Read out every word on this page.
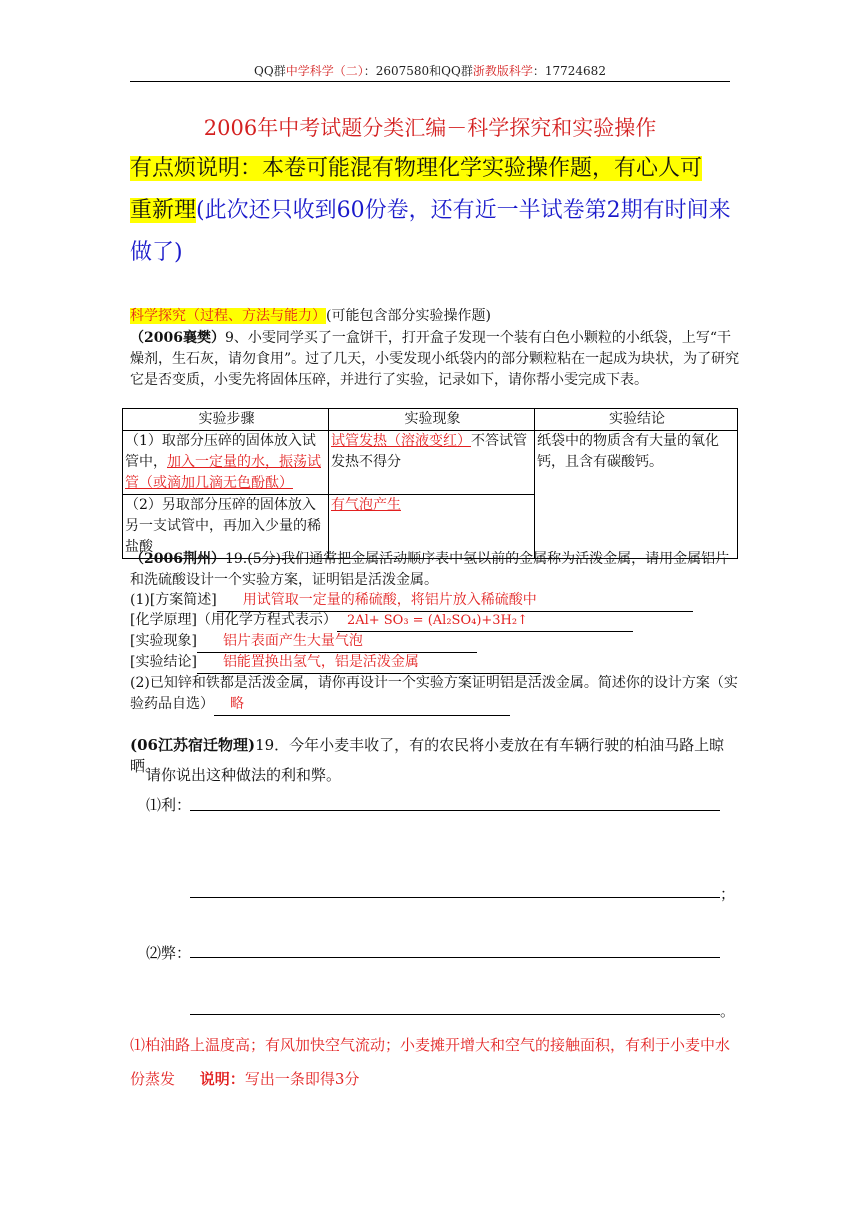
QQ群中学科学（二）：2607580和QQ群浙教版科学：17724682
2006年中考试题分类汇编－科学探究和实验操作
有点烦说明：本卷可能混有物理化学实验操作题，有心人可
重新理(此次还只收到60份卷，还有近一半试卷第2期有时间来做了)
科学探究（过程、方法与能力）(可能包含部分实验操作题)
（2006襄樊）9、小雯同学买了一盒饼干，打开盒子发现一个装有白色小颗粒的小纸袋，上写“干燥剂，生石灰，请勿食用”。过了几天，小雯发现小纸袋内的部分颗粒粘在一起成为块状，为了研究它是否变质，小雯先将固体压碎，并进行了实验，记录如下，请你帮小雯完成下表。
实验步骤	实验现象	实验结论
（1）取部分压碎的固体放入试管中，加入一定量的水，振荡试管（或滴加几滴无色酚酞）	试管发热（溶液变红）不答试管发热不得分	纸袋中的物质含有大量的氧化钙，且含有碳酸钙。
（2）另取部分压碎的固体放入另一支试管中，再加入少量的稀盐酸	有气泡产生	
（2006荆州）19.(5分)我们通常把金属活动顺序表中氢以前的金属称为活泼金属，请用金属铝片和洗硫酸设计一个实验方案，证明铝是活泼金属。
(1)[方案简述] 用试管取一定量的稀硫酸，将铝片放入稀硫酸中
[化学原理]（用化学方程式表示） 2Al+ SO₃ = (Al₂SO₄)+3H₂↑
[实验现象] 铝片表面产生大量气泡
[实验结论] 铝能置换出氢气，铝是活泼金属
(2)已知锌和铁都是活泼金属，请你再设计一个实验方案证明铝是活泼金属。简述你的设计方案（实验药品自选） 略
(06江苏宿迁物理)19．今年小麦丰收了，有的农民将小麦放在有车辆行驶的柏油马路上晾晒。
请你说出这种做法的利和弊。
⑴利：
；
⑵弊：
。
⑴柏油路上温度高；有风加快空气流动；小麦摊开增大和空气的接触面积，有利于小麦中水份蒸发 说明：写出一条即得3分
